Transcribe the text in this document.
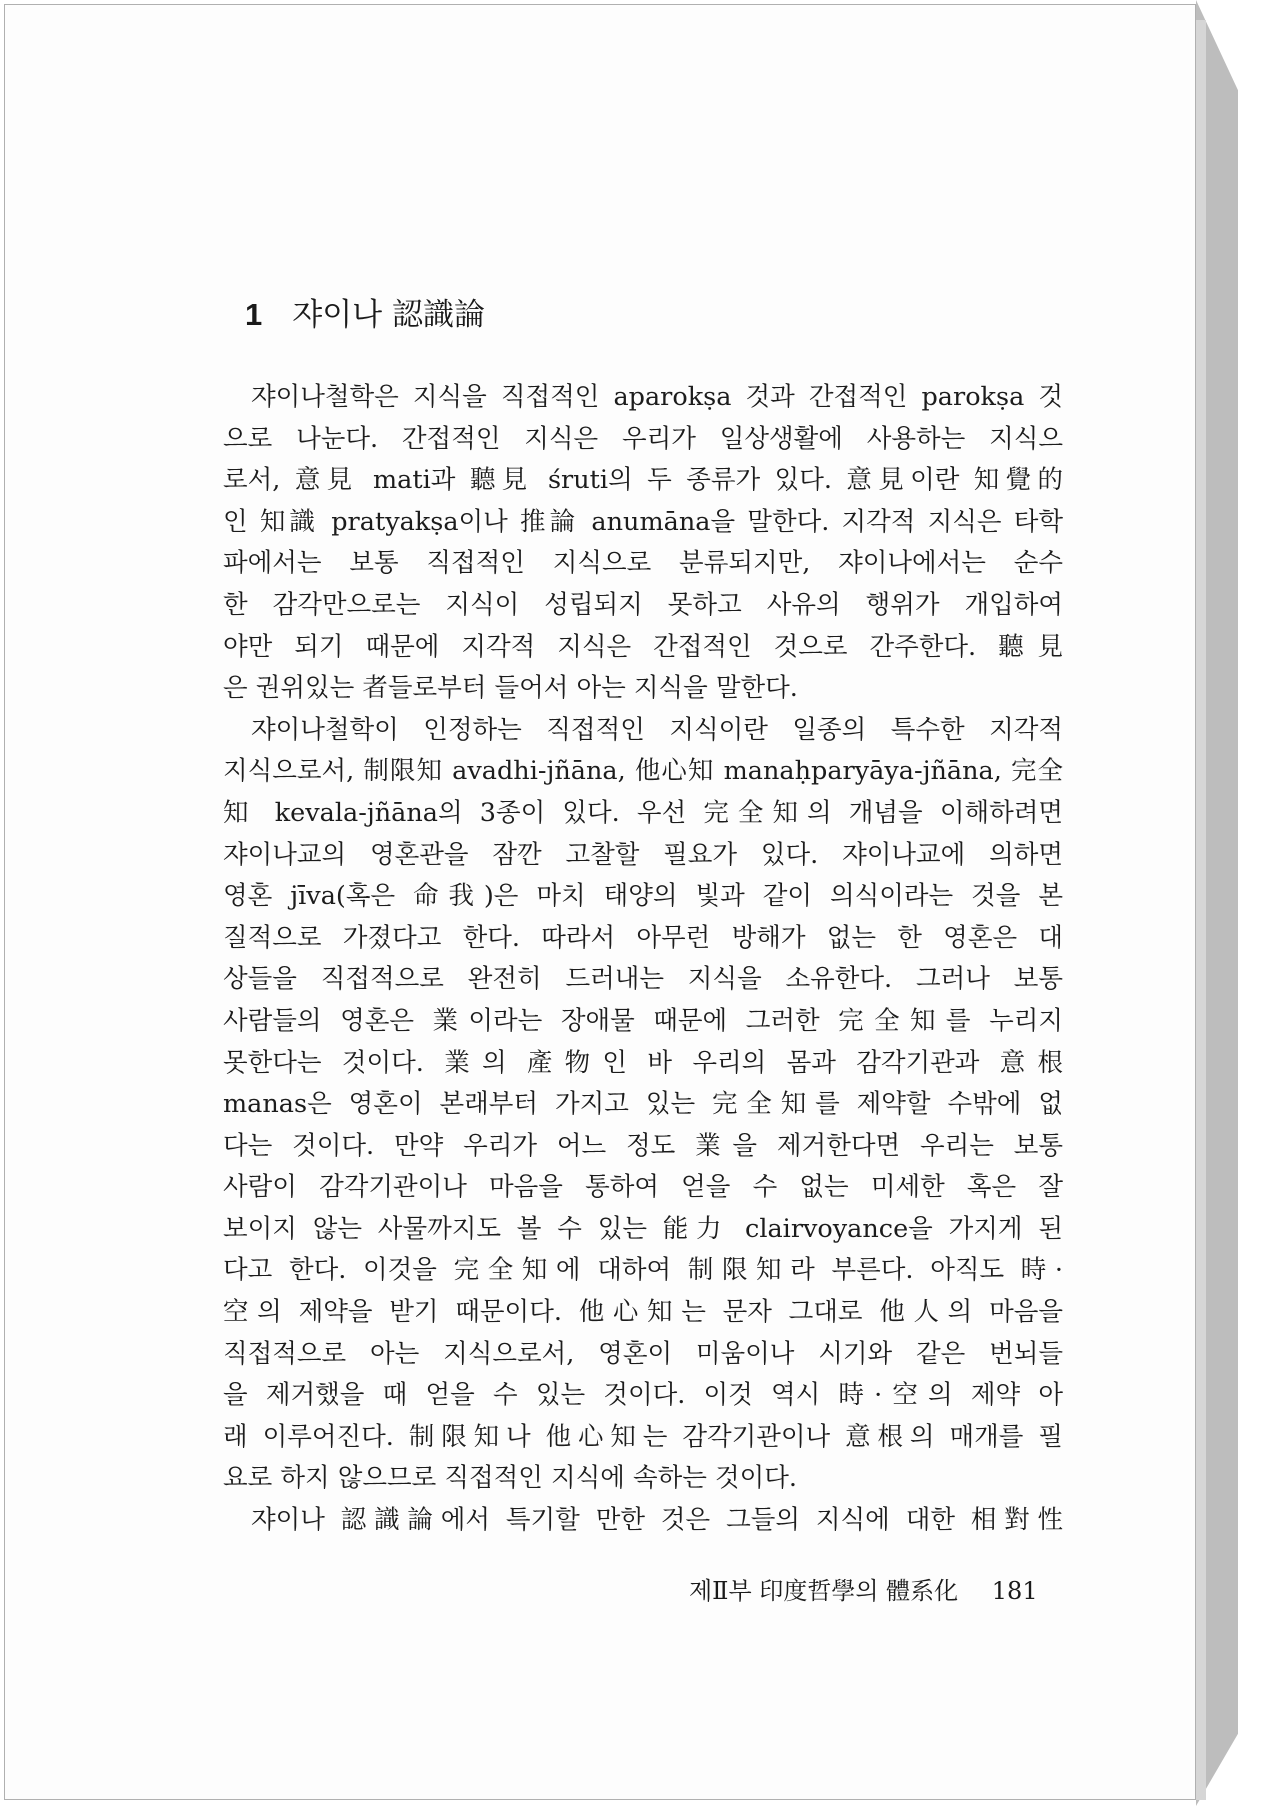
1 쟈이나 認識論
쟈이나철학은 지식을 직접적인 aparokṣa 것과 간접적인 parokṣa 것
으로 나눈다. 간접적인 지식은 우리가 일상생활에 사용하는 지식으
로서, 意見 mati과 聽見 śruti의 두 종류가 있다. 意見이란 知覺的
인 知識 pratyakṣa이나 推論 anumāna을 말한다. 지각적 지식은 타학
파에서는 보통 직접적인 지식으로 분류되지만, 쟈이나에서는 순수
한 감각만으로는 지식이 성립되지 못하고 사유의 행위가 개입하여
야만 되기 때문에 지각적 지식은 간접적인 것으로 간주한다. 聽見
은 권위있는 者들로부터 들어서 아는 지식을 말한다.
쟈이나철학이 인정하는 직접적인 지식이란 일종의 특수한 지각적
지식으로서, 制限知 avadhi-jñāna, 他心知 manaḥparyāya-jñāna, 完全
知 kevala-jñāna의 3종이 있다. 우선 完全知의 개념을 이해하려면
쟈이나교의 영혼관을 잠깐 고찰할 필요가 있다. 쟈이나교에 의하면
영혼 jīva(혹은 命我)은 마치 태양의 빛과 같이 의식이라는 것을 본
질적으로 가졌다고 한다. 따라서 아무런 방해가 없는 한 영혼은 대
상들을 직접적으로 완전히 드러내는 지식을 소유한다. 그러나 보통
사람들의 영혼은 業이라는 장애물 때문에 그러한 完全知를 누리지
못한다는 것이다. 業의 產物인 바 우리의 몸과 감각기관과 意根
manas은 영혼이 본래부터 가지고 있는 完全知를 제약할 수밖에 없
다는 것이다. 만약 우리가 어느 정도 業을 제거한다면 우리는 보통
사람이 감각기관이나 마음을 통하여 얻을 수 없는 미세한 혹은 잘
보이지 않는 사물까지도 볼 수 있는 能力 clairvoyance을 가지게 된
다고 한다. 이것을 完全知에 대하여 制限知라 부른다. 아직도 時·
空의 제약을 받기 때문이다. 他心知는 문자 그대로 他人의 마음을
직접적으로 아는 지식으로서, 영혼이 미움이나 시기와 같은 번뇌들
을 제거했을 때 얻을 수 있는 것이다. 이것 역시 時·空의 제약 아
래 이루어진다. 制限知나 他心知는 감각기관이나 意根의 매개를 필
요로 하지 않으므로 직접적인 지식에 속하는 것이다.
쟈이나 認識論에서 특기할 만한 것은 그들의 지식에 대한 相對性
제Ⅱ부 印度哲學의 體系化 181
